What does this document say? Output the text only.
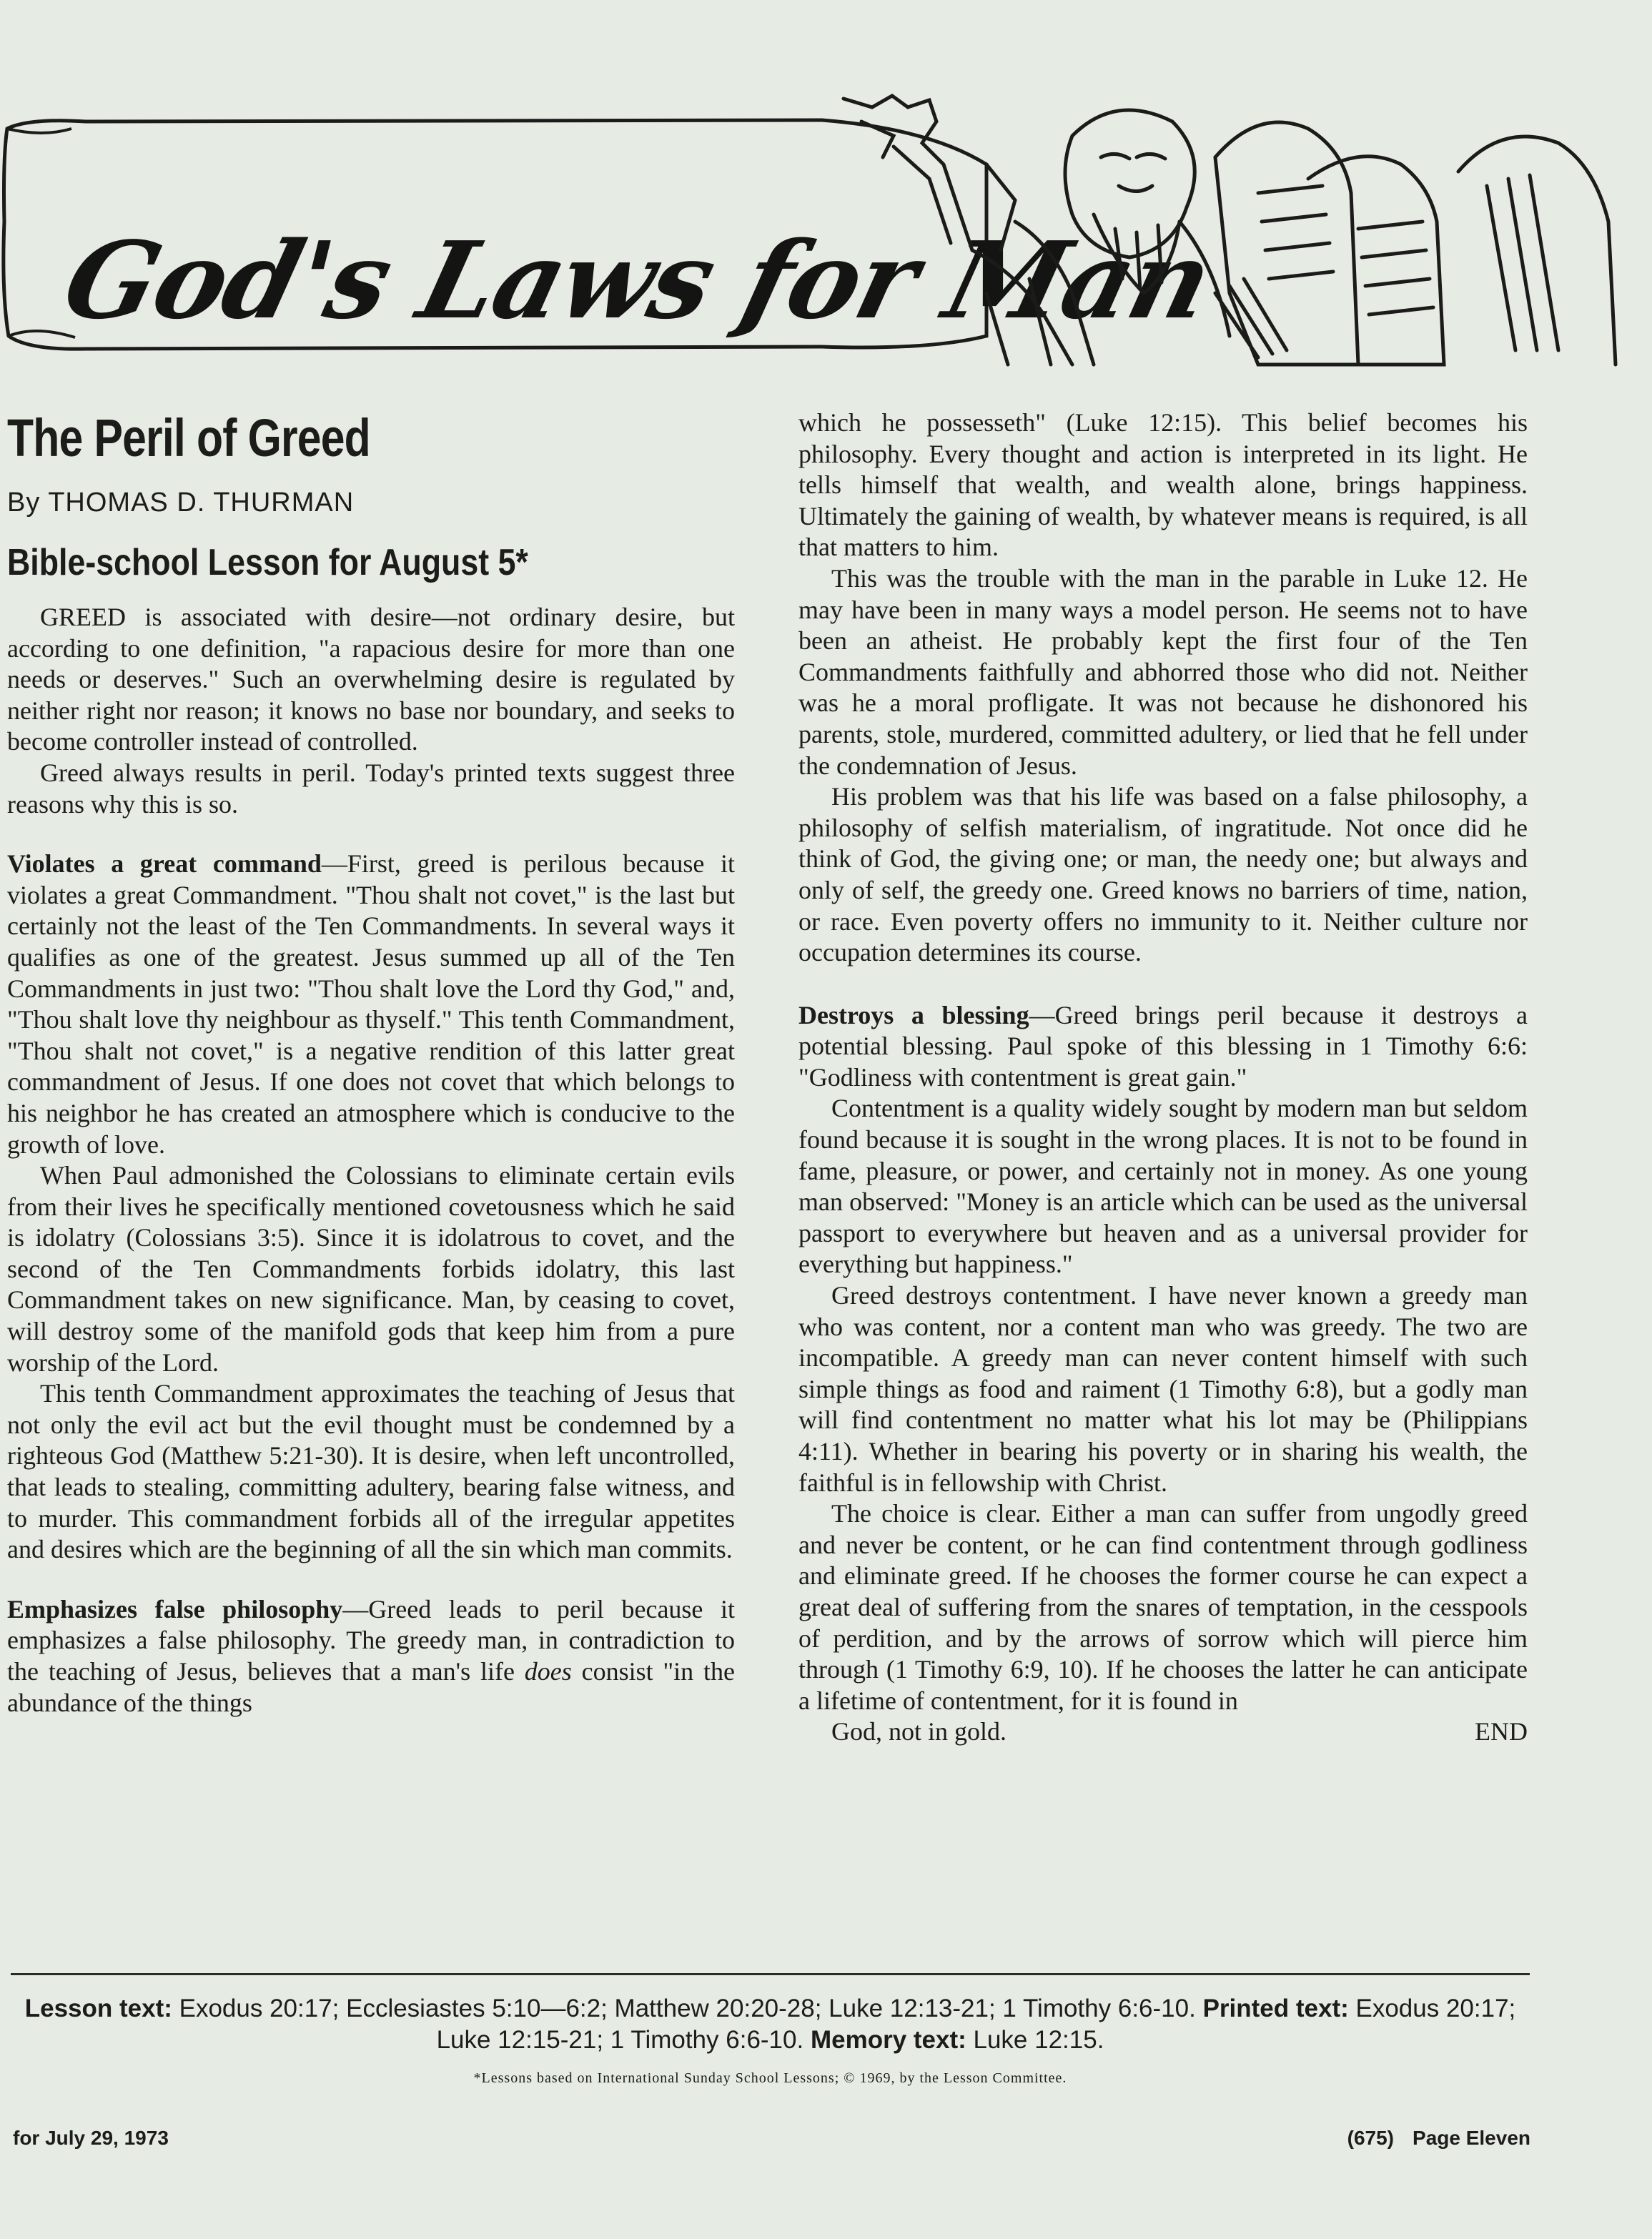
God's Laws for Man
The Peril of Greed
By THOMAS D. THURMAN
Bible-school Lesson for August 5*

GREED is associated with desire—not ordinary desire, but according to one definition, "a rapacious desire for more than one needs or deserves." Such an overwhelming desire is regulated by neither right nor reason; it knows no base nor boundary, and seeks to become controller instead of controlled.

Greed always results in peril. Today's printed texts suggest three reasons why this is so.

Violates a great command—First, greed is perilous because it violates a great Commandment. "Thou shalt not covet," is the last but certainly not the least of the Ten Commandments. In several ways it qualifies as one of the greatest. Jesus summed up all of the Ten Commandments in just two: "Thou shalt love the Lord thy God," and, "Thou shalt love thy neighbour as thyself." This tenth Commandment, "Thou shalt not covet," is a negative rendition of this latter great commandment of Jesus. If one does not covet that which belongs to his neighbor he has created an atmosphere which is conducive to the growth of love.

When Paul admonished the Colossians to eliminate certain evils from their lives he specifically mentioned covetousness which he said is idolatry (Colossians 3:5). Since it is idolatrous to covet, and the second of the Ten Commandments forbids idolatry, this last Commandment takes on new significance. Man, by ceasing to covet, will destroy some of the manifold gods that keep him from a pure worship of the Lord.

This tenth Commandment approximates the teaching of Jesus that not only the evil act but the evil thought must be condemned by a righteous God (Matthew 5:21-30). It is desire, when left uncontrolled, that leads to stealing, committing adultery, bearing false witness, and to murder. This commandment forbids all of the irregular appetites and desires which are the beginning of all the sin which man commits.

Emphasizes false philosophy—Greed leads to peril because it emphasizes a false philosophy. The greedy man, in contradiction to the teaching of Jesus, believes that a man's life does consist "in the abundance of the things

which he possesseth" (Luke 12:15). This belief becomes his philosophy. Every thought and action is interpreted in its light. He tells himself that wealth, and wealth alone, brings happiness. Ultimately the gaining of wealth, by whatever means is required, is all that matters to him.

This was the trouble with the man in the parable in Luke 12. He may have been in many ways a model person. He seems not to have been an atheist. He probably kept the first four of the Ten Commandments faithfully and abhorred those who did not. Neither was he a moral profligate. It was not because he dishonored his parents, stole, murdered, committed adultery, or lied that he fell under the condemnation of Jesus.

His problem was that his life was based on a false philosophy, a philosophy of selfish materialism, of ingratitude. Not once did he think of God, the giving one; or man, the needy one; but always and only of self, the greedy one. Greed knows no barriers of time, nation, or race. Even poverty offers no immunity to it. Neither culture nor occupation determines its course.

Destroys a blessing—Greed brings peril because it destroys a potential blessing. Paul spoke of this blessing in 1 Timothy 6:6: "Godliness with contentment is great gain."

Contentment is a quality widely sought by modern man but seldom found because it is sought in the wrong places. It is not to be found in fame, pleasure, or power, and certainly not in money. As one young man observed: "Money is an article which can be used as the universal passport to everywhere but heaven and as a universal provider for everything but happiness."

Greed destroys contentment. I have never known a greedy man who was content, nor a content man who was greedy. The two are incompatible. A greedy man can never content himself with such simple things as food and raiment (1 Timothy 6:8), but a godly man will find contentment no matter what his lot may be (Philippians 4:11). Whether in bearing his poverty or in sharing his wealth, the faithful is in fellowship with Christ.

The choice is clear. Either a man can suffer from ungodly greed and never be content, or he can find contentment through godliness and eliminate greed. If he chooses the former course he can expect a great deal of suffering from the snares of temptation, in the cesspools of perdition, and by the arrows of sorrow which will pierce him through (1 Timothy 6:9, 10). If he chooses the latter he can anticipate a lifetime of contentment, for it is found in

God, not in gold.	END

Lesson text: Exodus 20:17; Ecclesiastes 5:10—6:2; Matthew 20:20-28; Luke 12:13-21; 1 Timothy 6:6-10. Printed text: Exodus 20:17; Luke 12:15-21; 1 Timothy 6:6-10. Memory text: Luke 12:15.
*Lessons based on International Sunday School Lessons; © 1969, by the Lesson Committee.
for July 29, 1973	(675) Page Eleven
